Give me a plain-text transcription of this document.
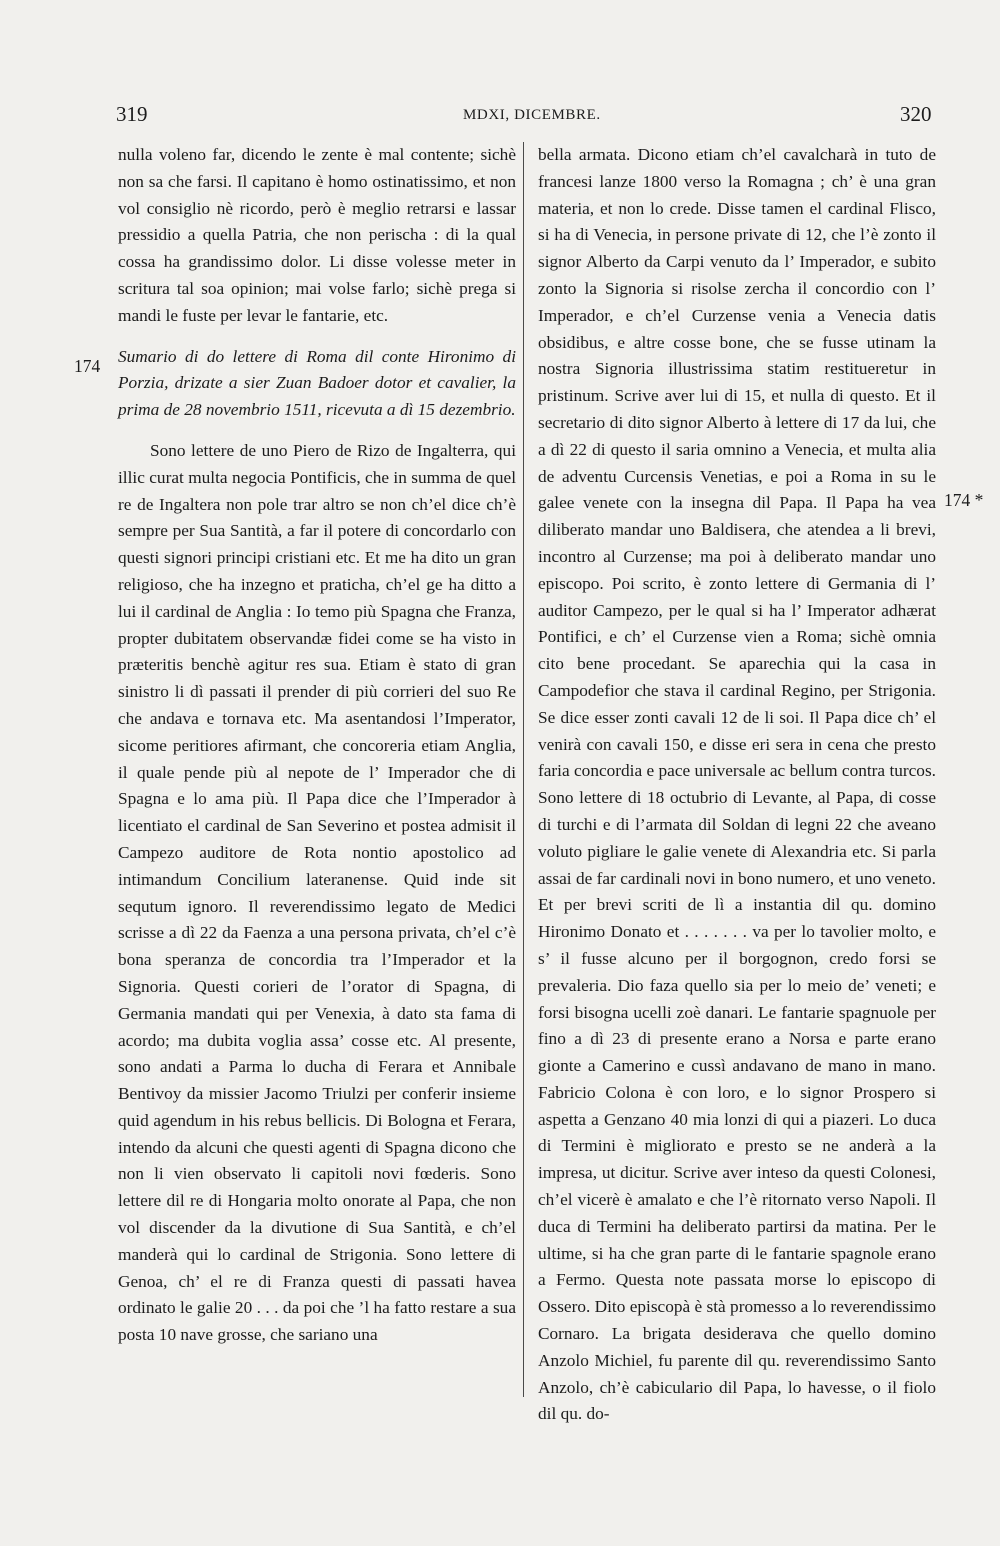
319	MDXI, DICEMBRE.	320
174
174 *

nulla voleno far, dicendo le zente è mal contente; sichè non sa che farsi. Il capitano è homo ostinatissimo, et non vol consiglio nè ricordo, però è meglio retrarsi e lassar pressidio a quella Patria, che non perischa : di la qual cossa ha grandissimo dolor. Li disse volesse meter in scritura tal soa opinion; mai volse farlo; sichè prega si mandi le fuste per levar le fantarie, etc.

Sumario di do lettere di Roma dil conte Hironimo di Porzia, drizate a sier Zuan Badoer dotor et cavalier, la prima de 28 novembrio 1511, ricevuta a dì 15 dezembrio.

Sono lettere de uno Piero de Rizo de Ingalterra, qui illic curat multa negocia Pontificis, che in summa de quel re de Ingaltera non pole trar altro se non ch’el dice ch’è sempre per Sua Santità, a far il potere di concordarlo con questi signori principi cristiani etc. Et me ha dito un gran religioso, che ha inzegno et praticha, ch’el ge ha ditto a lui il cardinal de Anglia : Io temo più Spagna che Franza, propter dubitatem observandæ fidei come se ha visto in præteritis benchè agitur res sua. Etiam è stato di gran sinistro li dì passati il prender di più corrieri del suo Re che andava e tornava etc. Ma asentandosi l’Imperator, sicome peritiores afirmant, che concoreria etiam Anglia, il quale pende più al nepote de l’ Imperador che di Spagna e lo ama più. Il Papa dice che l’Imperador à licentiato el cardinal de San Severino et postea admisit il Campezo auditore de Rota nontio apostolico ad intimandum Concilium lateranense. Quid inde sit sequtum ignoro. Il reverendissimo legato de Medici scrisse a dì 22 da Faenza a una persona privata, ch’el c’è bona speranza de concordia tra l’Imperador et la Signoria. Questi corieri de l’orator di Spagna, di Germania mandati qui per Venexia, à dato sta fama di acordo; ma dubita voglia assa’ cosse etc. Al presente, sono andati a Parma lo ducha di Ferara et Annibale Bentivoy da missier Jacomo Triulzi per conferir insieme quid agendum in his rebus bellicis. Di Bologna et Ferara, intendo da alcuni che questi agenti di Spagna dicono che non li vien observato li capitoli novi fœderis. Sono lettere dil re di Hongaria molto onorate al Papa, che non vol discender da la divutione di Sua Santità, e ch’el manderà qui lo cardinal de Strigonia. Sono lettere di Genoa, ch’ el re di Franza questi di passati havea ordinato le galie 20 . . . da poi che ’l ha fatto restare a sua posta 10 nave grosse, che sariano una

bella armata. Dicono etiam ch’el cavalcharà in tuto de francesi lanze 1800 verso la Romagna ; ch’ è una gran materia, et non lo crede. Disse tamen el cardinal Flisco, si ha di Venecia, in persone private di 12, che l’è zonto il signor Alberto da Carpi venuto da l’ Imperador, e subito zonto la Signoria si risolse zercha il concordio con l’ Imperador, e ch’el Curzense venia a Venecia datis obsidibus, e altre cosse bone, che se fusse utinam la nostra Signoria illustrissima statim restitueretur in pristinum. Scrive aver lui di 15, et nulla di questo. Et il secretario di dito signor Alberto à lettere di 17 da lui, che a dì 22 di questo il saria omnino a Venecia, et multa alia de adventu Curcensis Venetias, e poi a Roma in su le galee venete con la insegna dil Papa. Il Papa ha vea diliberato mandar uno Baldisera, che atendea a li brevi, incontro al Curzense; ma poi à deliberato mandar uno episcopo. Poi scrito, è zonto lettere di Germania di l’ auditor Campezo, per le qual si ha l’ Imperator adhærat Pontifici, e ch’ el Curzense vien a Roma; sichè omnia cito bene procedant. Se aparechia qui la casa in Campodefior che stava il cardinal Regino, per Strigonia. Se dice esser zonti cavali 12 de li soi. Il Papa dice ch’ el venirà con cavali 150, e disse eri sera in cena che presto faria concordia e pace universale ac bellum contra turcos. Sono lettere di 18 octubrio di Levante, al Papa, di cosse di turchi e di l’armata dil Soldan di legni 22 che aveano voluto pigliare le galie venete di Alexandria etc. Si parla assai de far cardinali novi in bono numero, et uno veneto. Et per brevi scriti de lì a instantia dil qu. domino Hironimo Donato et . . . . . . . va per lo tavolier molto, e s’ il fusse alcuno per il borgognon, credo forsi se prevaleria. Dio faza quello sia per lo meio de’ veneti; e forsi bisogna ucelli zoè danari. Le fantarie spagnuole per fino a dì 23 di presente erano a Norsa e parte erano gionte a Camerino e cussì andavano de mano in mano. Fabricio Colona è con loro, e lo signor Prospero si aspetta a Genzano 40 mia lonzi di qui a piazeri. Lo duca di Termini è migliorato e presto se ne anderà a la impresa, ut dicitur. Scrive aver inteso da questi Colonesi, ch’el vicerè è amalato e che l’è ritornato verso Napoli. Il duca di Termini ha deliberato partirsi da matina. Per le ultime, si ha che gran parte di le fantarie spagnole erano a Fermo. Questa note passata morse lo episcopo di Ossero. Dito episcopà è stà promesso a lo reverendissimo Cornaro. La brigata desiderava che quello domino Anzolo Michiel, fu parente dil qu. reverendissimo Santo Anzolo, ch’è cabiculario dil Papa, lo havesse, o il fiolo dil qu. do-
